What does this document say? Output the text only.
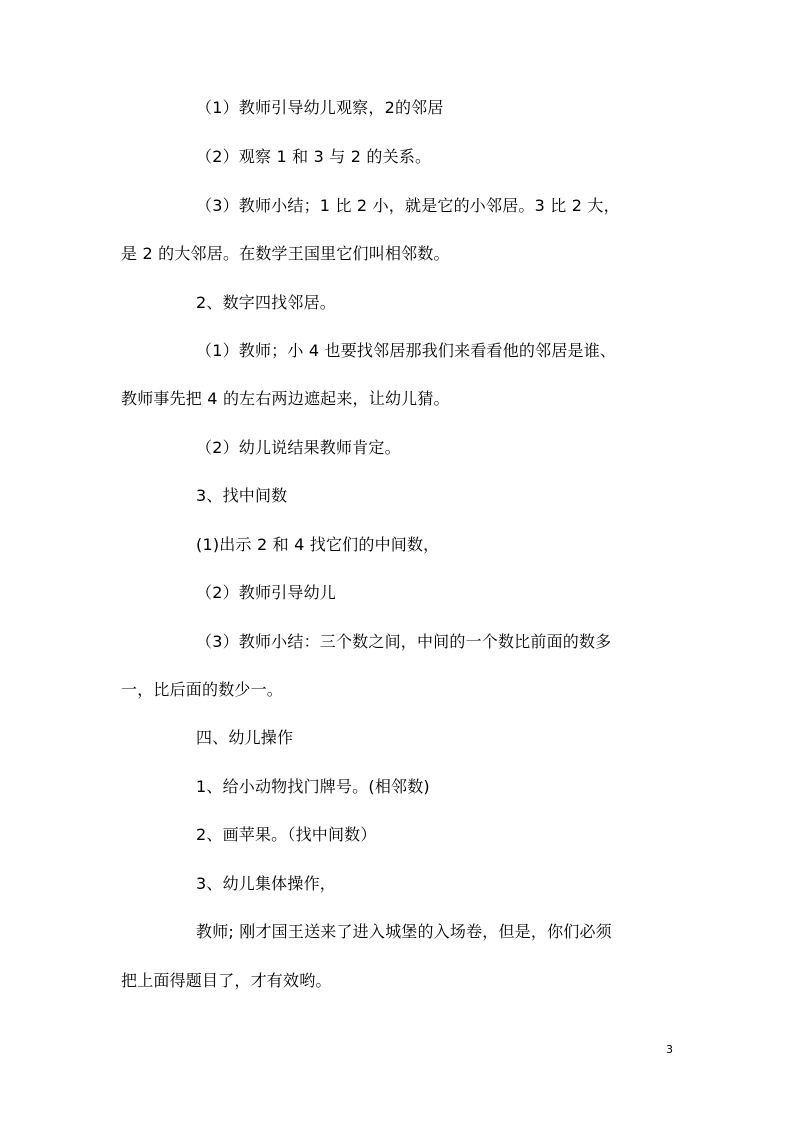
（1）教师引导幼儿观察，2的邻居
（2）观察 1 和 3 与 2 的关系。
（3）教师小结；1 比 2 小，就是它的小邻居。3 比 2 大，
是 2 的大邻居。在数学王国里它们叫相邻数。
2、数字四找邻居。
（1）教师；小 4 也要找邻居那我们来看看他的邻居是谁、
教师事先把 4 的左右两边遮起来，让幼儿猜。
（2）幼儿说结果教师肯定。
3、找中间数
(1)出示 2 和 4 找它们的中间数，
（2）教师引导幼儿
（3）教师小结：三个数之间，中间的一个数比前面的数多
一，比后面的数少一。
四、幼儿操作
1、给小动物找门牌号。(相邻数)
2、画苹果。（找中间数）
3、幼儿集体操作，
教师; 刚才国王送来了进入城堡的入场卷，但是，你们必须
把上面得题目了，才有效哟。
3
